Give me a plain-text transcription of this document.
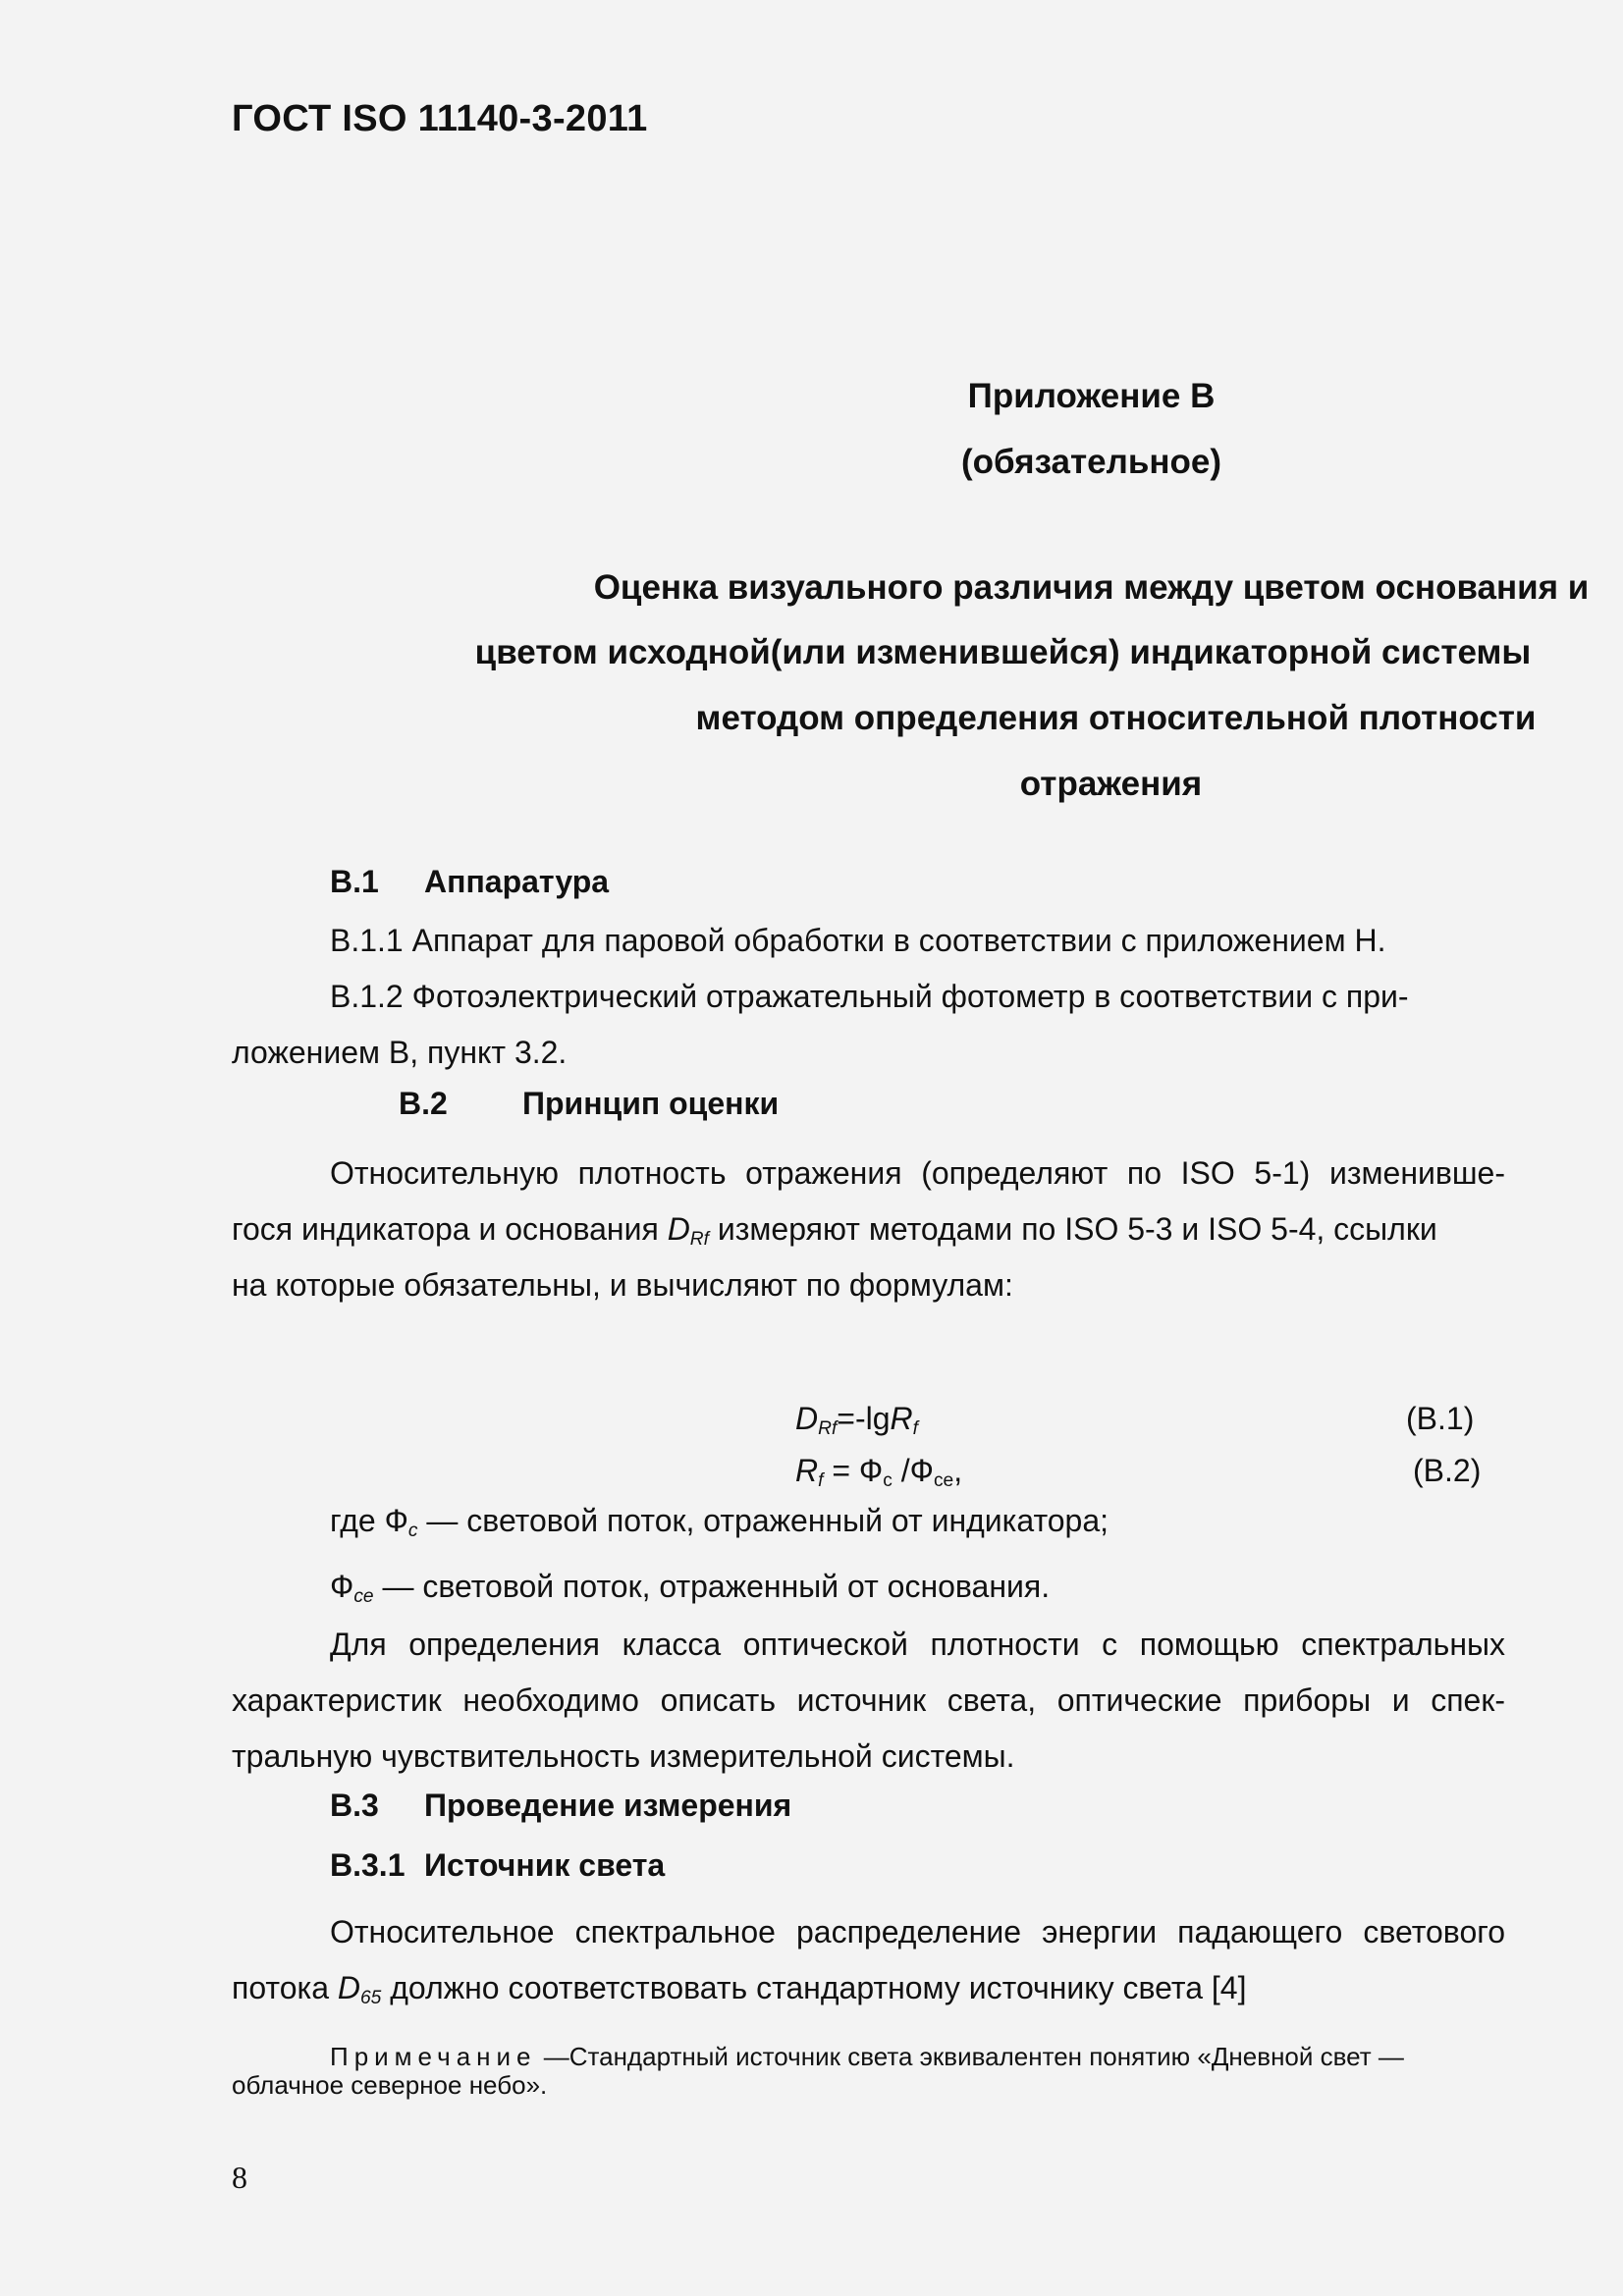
ГОСТ ISO 11140-3-2011
Приложение В
(обязательное)
Оценка визуального различия между цветом основания и
цветом исходной(или изменившейся) индикаторной системы
методом определения относительной плотности
отражения
В.1 Аппаратура
В.1.1 Аппарат для паровой обработки в соответствии с приложением Н.
В.1.2 Фотоэлектрический отражательный фотометр в соответствии с при-
ложением В, пункт 3.2.
В.2 Принцип оценки
Относительную плотность отражения (определяют по ISO 5-1) изменивше-
гося индикатора и основания $D_{Rf}$ измеряют методами по ISO 5-3 и ISO 5-4, ссылки
на которые обязательны, и вычисляют по формулам:
$D_{Rf}=-\lg R_f$	(В.1)
$R_f = Ф_c$ $/Ф_{ce}$,	(В.2)
где $Ф_c$ — световой поток, отраженный от индикатора;
$Ф_{ce}$ — световой поток, отраженный от основания.
Для определения класса оптической плотности с помощью спектральных
характеристик необходимо описать источник света, оптические приборы и спек-
тральную чувствительность измерительной системы.
В.3 Проведение измерения
В.3.1 Источник света
Относительное спектральное распределение энергии падающего светового
потока $D_{65}$ должно соответствовать стандартному источнику света [4]
Примечание —Стандартный источник света эквивалентен понятию «Дневной свет —
облачное северное небо».
8
